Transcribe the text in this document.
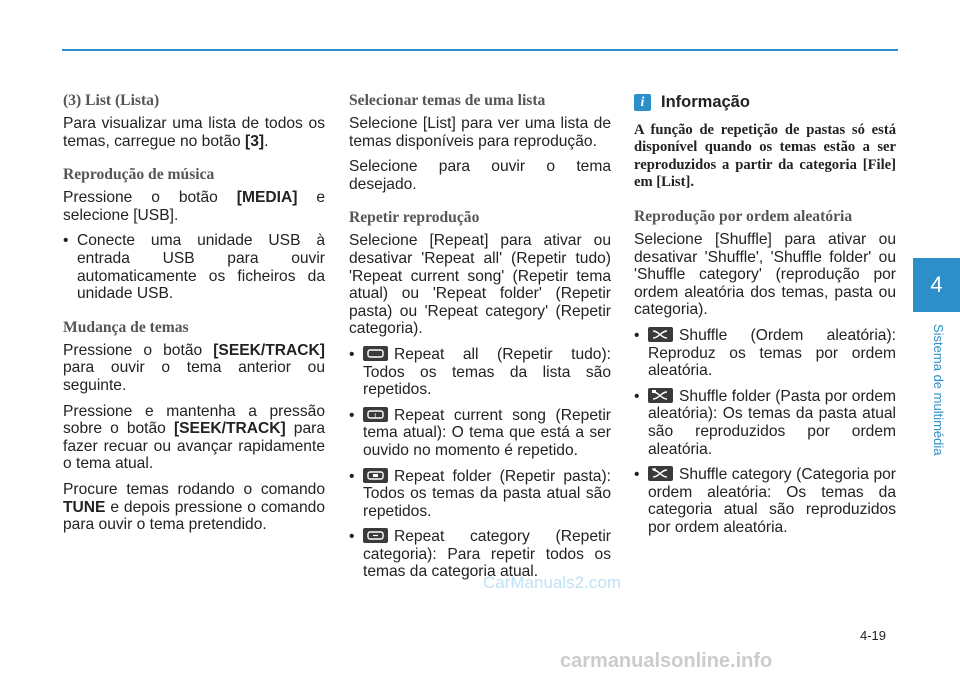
(3) List (Lista)

Para visualizar uma lista de todos os temas, carregue no botão [3].

Reprodução de música

Pressione o botão [MEDIA] e selecione [USB].

• Conecte uma unidade USB à entrada USB para ouvir automaticamente os ficheiros da unidade USB.
Mudança de temas

Pressione o botão [SEEK/TRACK] para ouvir o tema anterior ou seguinte.

Pressione e mantenha a pressão sobre o botão [SEEK/TRACK] para fazer recuar ou avançar rapidamente o tema atual.

Procure temas rodando o comando TUNE e depois pressione o comando para ouvir o tema pretendido.

Selecionar temas de uma lista

Selecione [List] para ver uma lista de temas disponíveis para reprodução.

Selecione para ouvir o tema desejado.

Repetir reprodução

Selecione [Repeat] para ativar ou desativar 'Repeat all' (Repetir tudo) 'Repeat current song' (Repetir tema atual) ou 'Repeat folder' (Repetir pasta) ou 'Repeat category' (Repetir categoria).

• Repeat all (Repetir tudo): Todos os temas da lista são repetidos.
• 1 Repeat current song (Repetir tema atual): O tema que está a ser ouvido no momento é repetido.
• Repeat folder (Repetir pasta): Todos os temas da pasta atual são repetidos.
• Repeat category (Repetir categoria): Para repetir todos os temas da categoria atual.
i	Informação

A função de repetição de pastas só está disponível quando os temas estão a ser reproduzidos a partir da categoria [File] em [List].

Reprodução por ordem aleatória

Selecione [Shuffle] para ativar ou desativar 'Shuffle', 'Shuffle folder' ou 'Shuffle category' (reprodução por ordem aleatória dos temas, pasta ou categoria).

• Shuffle (Ordem aleatória): Reproduz os temas por ordem aleatória.
• Shuffle folder (Pasta por ordem aleatória): Os temas da pasta atual são reproduzidos por ordem aleatória.
• Shuffle category (Categoria por ordem aleatória: Os temas da categoria atual são reproduzidos por ordem aleatória.
4
Sistema de multimédia
4-19
CarManuals2.com
carmanualsonline.info
